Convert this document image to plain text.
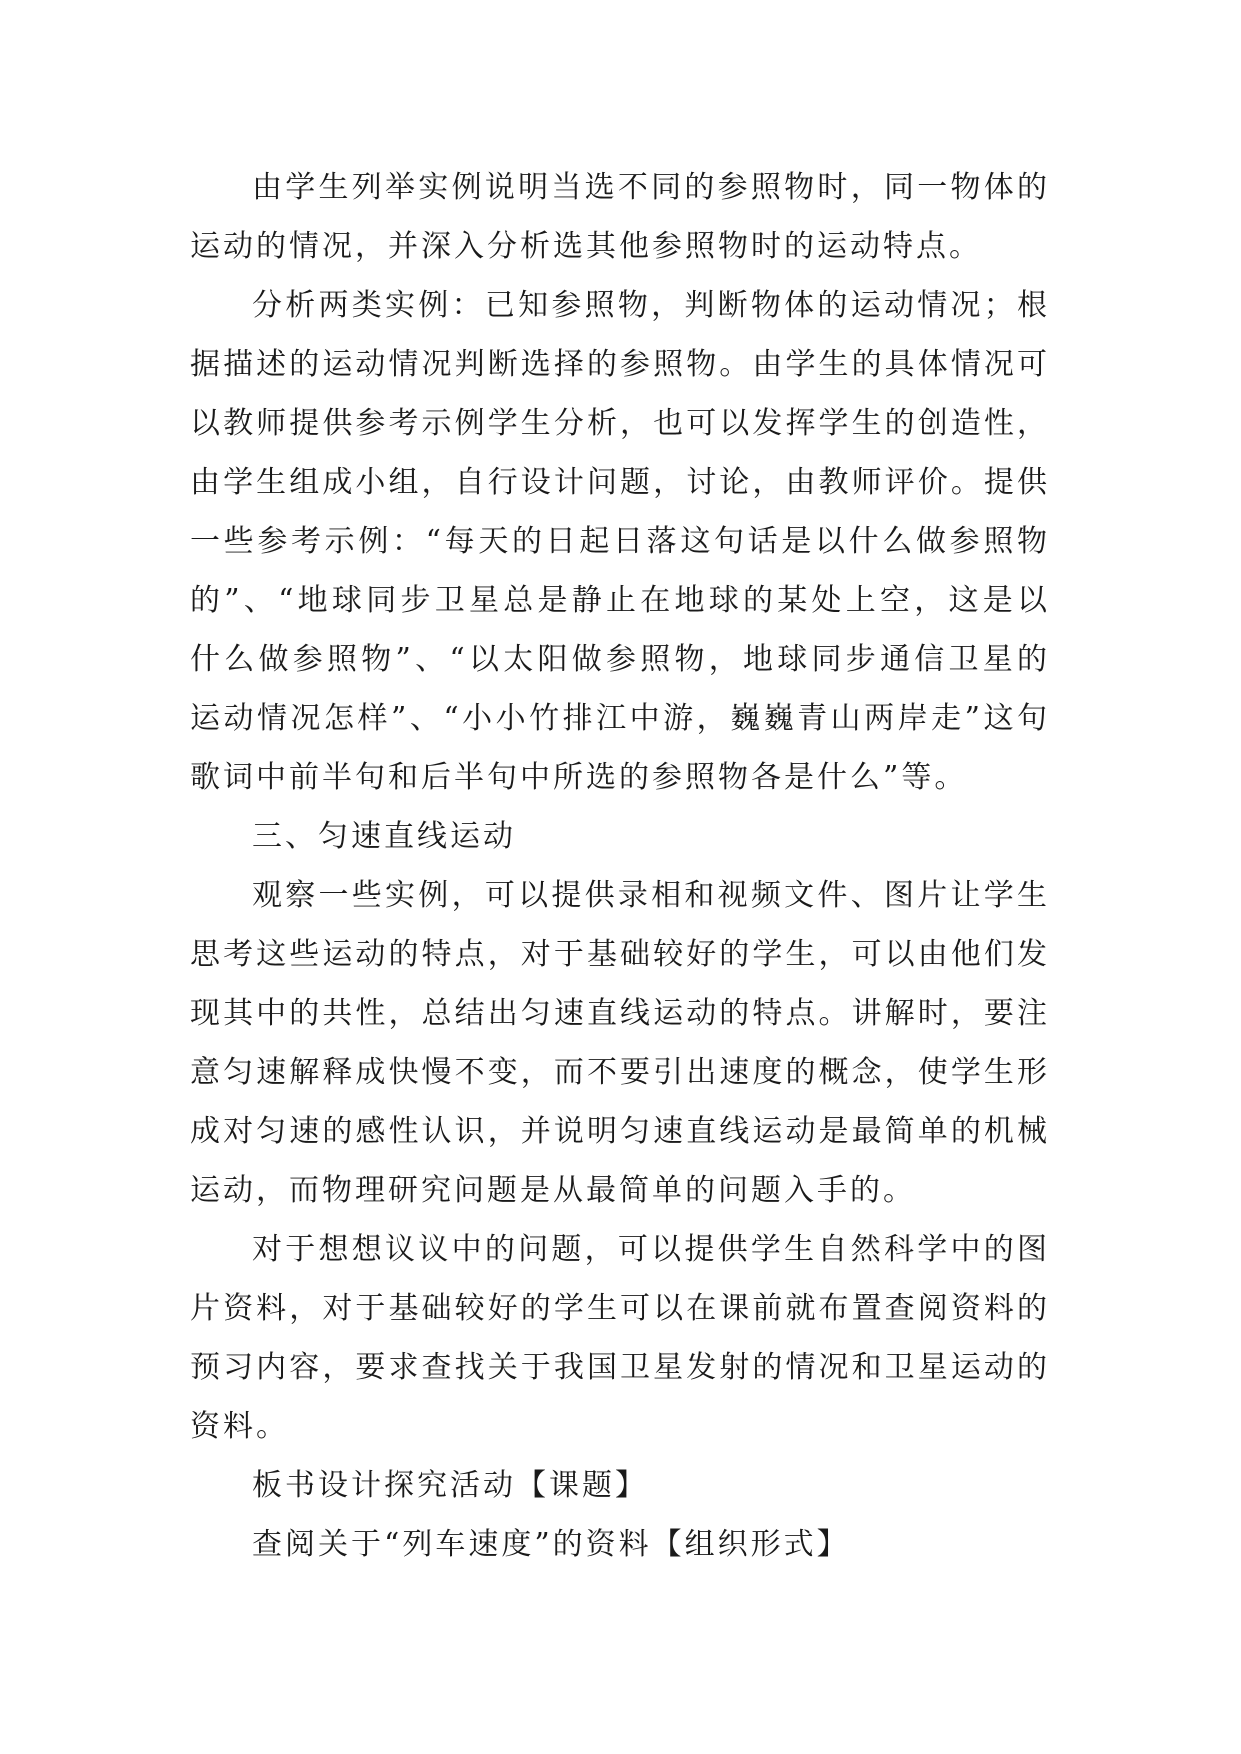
由学生列举实例说明当选不同的参照物时，同一物体的运动的情况，并深入分析选其他参照物时的运动特点。

分析两类实例：已知参照物，判断物体的运动情况；根据描述的运动情况判断选择的参照物。由学生的具体情况可以教师提供参考示例学生分析，也可以发挥学生的创造性，由学生组成小组，自行设计问题，讨论，由教师评价。提供一些参考示例：“每天的日起日落这句话是以什么做参照物的”、“地球同步卫星总是静止在地球的某处上空，这是以什么做参照物”、“以太阳做参照物，地球同步通信卫星的运动情况怎样”、“小小竹排江中游，巍巍青山两岸走”这句歌词中前半句和后半句中所选的参照物各是什么”等。

三、匀速直线运动

观察一些实例，可以提供录相和视频文件、图片让学生思考这些运动的特点，对于基础较好的学生，可以由他们发现其中的共性，总结出匀速直线运动的特点。讲解时，要注意匀速解释成快慢不变，而不要引出速度的概念，使学生形成对匀速的感性认识，并说明匀速直线运动是最简单的机械运动，而物理研究问题是从最简单的问题入手的。

对于想想议议中的问题，可以提供学生自然科学中的图片资料，对于基础较好的学生可以在课前就布置查阅资料的预习内容，要求查找关于我国卫星发射的情况和卫星运动的资料。

板书设计探究活动【课题】

查阅关于“列车速度”的资料【组织形式】
